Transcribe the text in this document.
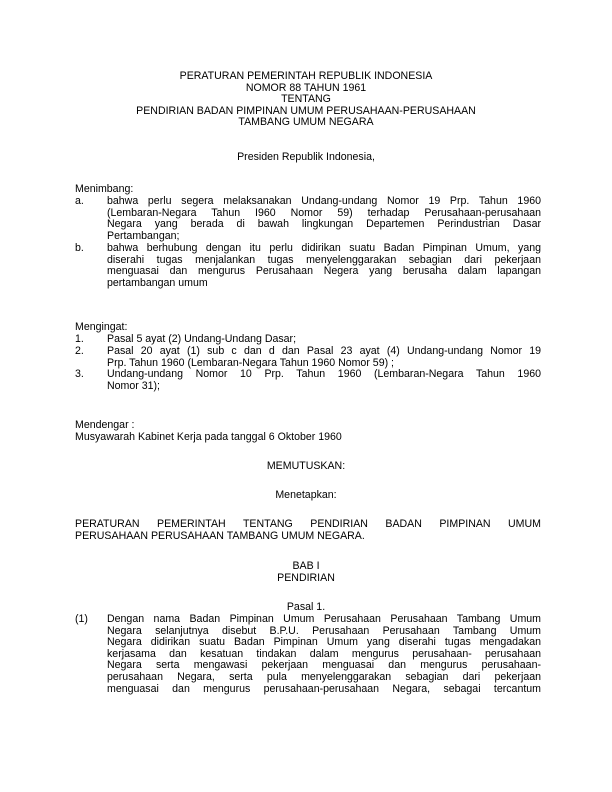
PERATURAN PEMERINTAH REPUBLIK INDONESIA
NOMOR 88 TAHUN 1961
TENTANG
PENDIRIAN BADAN PIMPINAN UMUM PERUSAHAAN-PERUSAHAAN
TAMBANG UMUM NEGARA
Presiden Republik Indonesia,
Menimbang:
a. bahwa perlu segera melaksanakan Undang-undang Nomor 19 Prp. Tahun 1960
(Lembaran-Negara Tahun I960 Nomor 59) terhadap Perusahaan-perusahaan
Negara yang berada di bawah lingkungan Departemen Perindustrian Dasar
Pertambangan;
b. bahwa berhubung dengan itu perlu didirikan suatu Badan Pimpinan Umum, yang
diserahi tugas menjalankan tugas menyelenggarakan sebagian dari pekerjaan
menguasai dan mengurus Perusahaan Negera yang berusaha dalam lapangan
pertambangan umum
Mengingat:
1. Pasal 5 ayat (2) Undang-Undang Dasar;
2. Pasal 20 ayat (1) sub c dan d dan Pasal 23 ayat (4) Undang-undang Nomor 19
Prp. Tahun 1960 (Lembaran-Negara Tahun 1960 Nomor 59) ;
3. Undang-undang Nomor 10 Prp. Tahun 1960 (Lembaran-Negara Tahun 1960
Nomor 31);
Mendengar :
Musyawarah Kabinet Kerja pada tanggal 6 Oktober 1960
MEMUTUSKAN:
Menetapkan:
PERATURAN PEMERINTAH TENTANG PENDIRIAN BADAN PIMPINAN UMUM
PERUSAHAAN PERUSAHAAN TAMBANG UMUM NEGARA.
BAB I
PENDIRIAN
Pasal 1.
(1) Dengan nama Badan Pimpinan Umum Perusahaan Perusahaan Tambang Umum
Negara selanjutnya disebut B.P.U. Perusahaan Perusahaan Tambang Umum
Negara didirikan suatu Badan Pimpinan Umum yang diserahi tugas mengadakan
kerjasama dan kesatuan tindakan dalam mengurus perusahaan- perusahaan
Negara serta mengawasi pekerjaan menguasai dan mengurus perusahaan-
perusahaan Negara, serta pula menyelenggarakan sebagian dari pekerjaan
menguasai dan mengurus perusahaan-perusahaan Negara, sebagai tercantum
